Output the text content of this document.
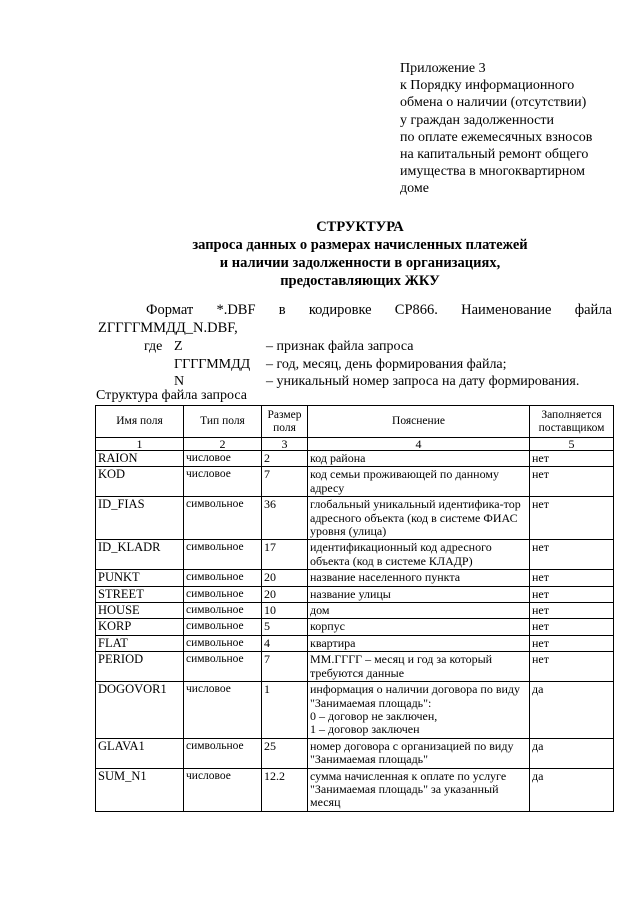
Приложение 3
к Порядку информационного
обмена о наличии (отсутствии)
у граждан задолженности
по оплате ежемесячных взносов
на капитальный ремонт общего
имущества в многоквартирном
доме
СТРУКТУРА
запроса данных о размерах начисленных платежей
и наличии задолженности в организациях,
предоставляющих ЖКУ
Формат *.DBF в кодировке CP866. Наименование файла
ZГГГГММДД_N.DBF,
где Z	– признак файла запроса
ГГГГММДД – год, месяц, день формирования файла;
N	– уникальный номер запроса на дату формирования.
Структура файла запроса
Имя поля	Тип поля	Размер поля	Пояснение	Заполняется поставщиком
1	2	3	4	5
RAION	числовое	2	код района	нет
KOD	числовое	7	код семьи проживающей по данному адресу	нет
ID_FIAS	символьное	36	глобальный уникальный идентифика-тор адресного объекта (код в системе ФИАС уровня (улица)	нет
ID_KLADR	символьное	17	идентификационный код адресного объекта (код в системе КЛАДР)	нет
PUNKT	символьное	20	название населенного пункта	нет
STREET	символьное	20	название улицы	нет
HOUSE	символьное	10	дом	нет
KORP	символьное	5	корпус	нет
FLAT	символьное	4	квартира	нет
PERIOD	символьное	7	ММ.ГГГГ – месяц и год за который требуются данные	нет
DOGOVOR1	числовое	1	информация о наличии договора по виду "Занимаемая площадь":
0 – договор не заключен,
1 – договор заключен	да
GLAVA1	символьное	25	номер договора с организацией по виду "Занимаемая площадь"	да
SUM_N1	числовое	12.2	сумма начисленная к оплате по услуге "Занимаемая площадь" за указанный месяц	да
